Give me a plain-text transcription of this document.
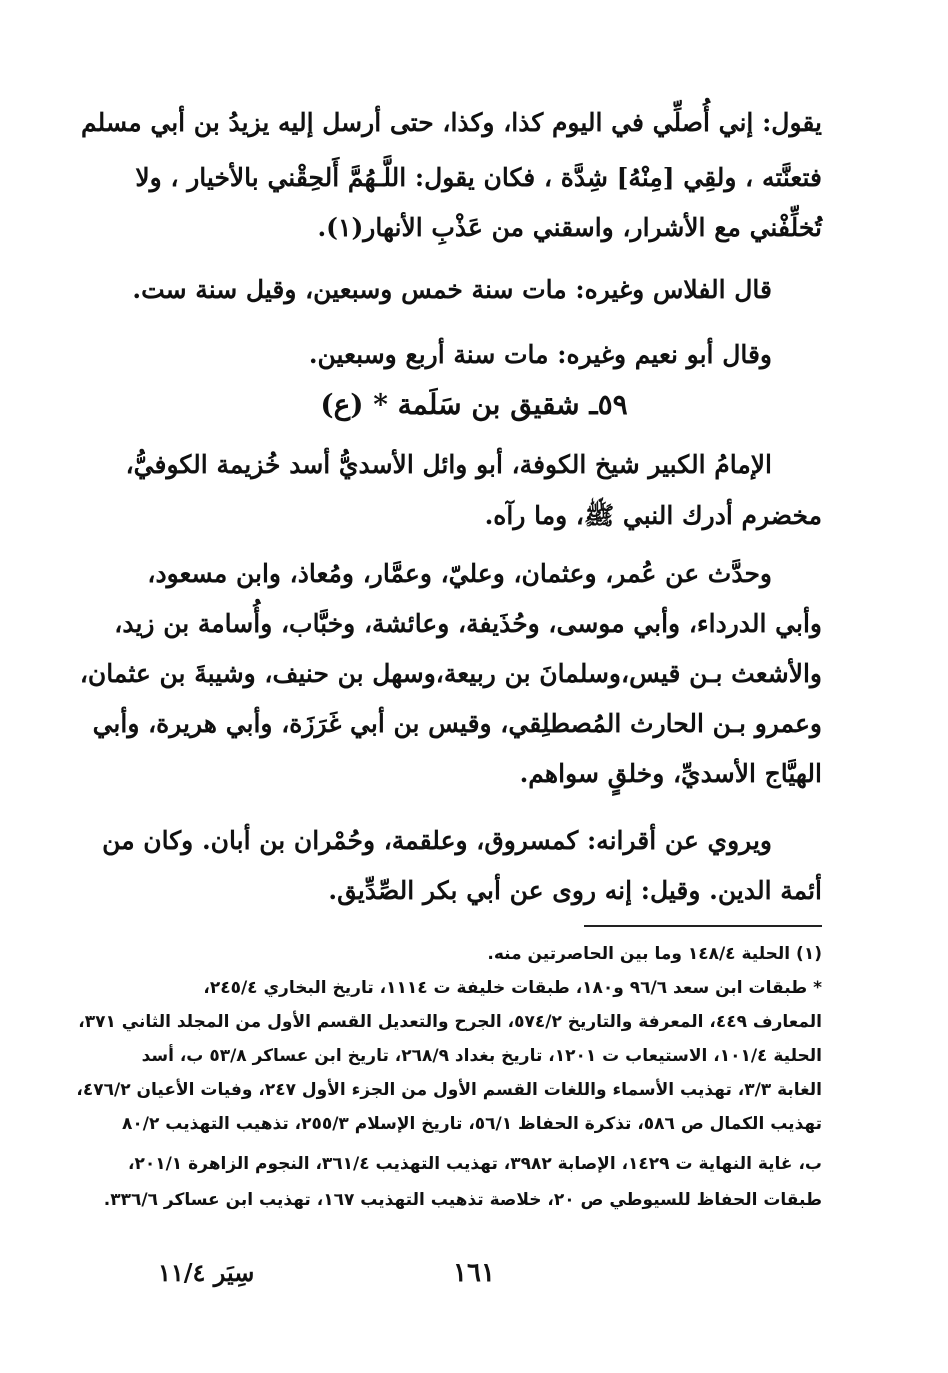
يقول: إني أُصلِّي في اليوم كذا، وكذا، حتى أرسل إليه يزيدُ بن أبي مسلم
فتعنَّته ، ولقِي [مِنْهُ] شِدَّة ، فكان يقول: اللَّـهُمَّ أَلحِقْني بالأخيار ، ولا
تُخلِّفْني مع الأشرار، واسقني من عَذْبِ الأنهار(١).
قال الفلاس وغيره: مات سنة خمس وسبعين، وقيل سنة ست.
وقال أبو نعيم وغيره: مات سنة أربع وسبعين.
٥٩ـ شقيق بن سَلَمة * (ع)
الإمامُ الكبير شيخ الكوفة، أبو وائل الأسديُّ أسد خُزيمة الكوفيُّ،
مخضرم أدرك النبي ﷺ، وما رآه.
وحدَّث عن عُمر، وعثمان، وعليّ، وعمَّار، ومُعاذ، وابن مسعود،
وأبي الدرداء، وأبي موسى، وحُذَيفة، وعائشة، وخبَّاب، وأُسامة بن زيد،
والأشعث بـن قيس،وسلمانَ بن ربيعة،وسهل بن حنيف، وشيبةَ بن عثمان،
وعمرو بـن الحارث المُصطلِقي، وقيس بن أبي غَرَزَة، وأبي هريرة، وأبي
الهيَّاج الأسديِّ، وخلقٍ سواهم.
ويروي عن أقرانه: كمسروق، وعلقمة، وحُمْران بن أبان. وكان من
أئمة الدين. وقيل: إنه روى عن أبي بكر الصِّدِّيق.
(١) الحلية ١٤٨/٤ وما بين الحاصرتين منه.
* طبقات ابن سعد ٩٦/٦ و١٨٠، طبقات خليفة ت ١١١٤، تاريخ البخاري ٢٤٥/٤،
المعارف ٤٤٩، المعرفة والتاريخ ٥٧٤/٢، الجرح والتعديل القسم الأول من المجلد الثاني ٣٧١،
الحلية ١٠١/٤، الاستيعاب ت ١٢٠١، تاريخ بغداد ٢٦٨/٩، تاريخ ابن عساكر ٥٣/٨ ب، أسد
الغابة ٣/٣، تهذيب الأسماء واللغات القسم الأول من الجزء الأول ٢٤٧، وفيات الأعيان ٤٧٦/٢،
تهذيب الكمال ص ٥٨٦، تذكرة الحفاظ ٥٦/١، تاريخ الإسلام ٢٥٥/٣، تذهيب التهذيب ٨٠/٢
ب، غاية النهاية ت ١٤٢٩، الإصابة ٣٩٨٢، تهذيب التهذيب ٣٦١/٤، النجوم الزاهرة ٢٠١/١،
طبقات الحفاظ للسيوطي ص ٢٠، خلاصة تذهيب التهذيب ١٦٧، تهذيب ابن عساكر ٣٣٦/٦.
١٦١
سِيَر ١١/٤
